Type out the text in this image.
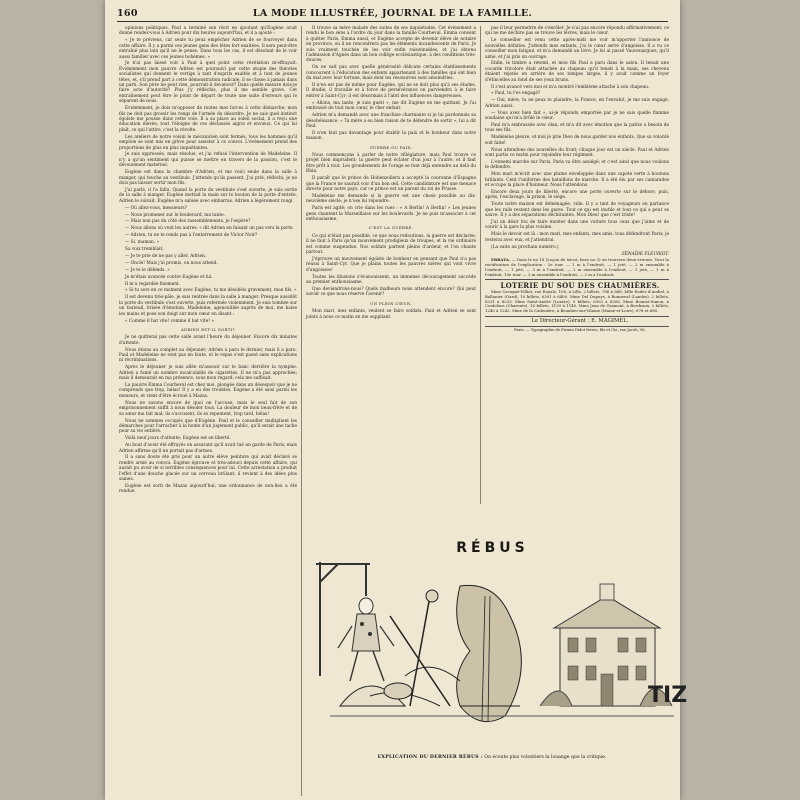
160	LA MODE ILLUSTRÉE, JOURNAL DE LA FAMILLE.

opinions politiques. Paul a terminé son récit en ajoutant qu'Eugène avait donné rendez-vous à Adrien pour dix heures aujourd'hui, et il a ajouté :

« Je te préviens, car seule tu peux empêcher Adrien de se fourvoyer dans cette affaire. Il y a parmi ces jeunes gens des têtes fort exaltées. Il sera peut-être entraîné plus loin qu'il ne le pense. Dans tous les cas, il est désolant de le voir aussi familier avec ces jeunes bohèmes. »

Je n'ai pas laissé voir à Paul à quel point cette révélation m'effrayait. Évidemment mon pauvre Adrien est poursuivi par cette utopie des théories socialistes qui donnent le vertige à tant d'esprits exaltés et à tant de jeunes têtes, et, s'il prend part à cette démonstration radicale, il se classe à jamais dans un parti. Son père ne peut rien, pourrait-il devancer? Dans quelle mesure dois-je faire acte d'autorité? Plus j'y réfléchis, plus il me semble grave. Cet entraînement peut être le point de départ de toute une suite d'erreurs qui le séparent de nous.

Évidemment, je dois m'opposer de toutes mes forces à cette démarche; mon fils ne doit pas grossir les rangs de l'armée du désordre. Je ne sais quel instinct égoïste me pousse dans cette voie. Il a sa place au soleil social, il a reçu une éducation élevée, tout l'éloigne de ces déclassés aigris et envieux. Ce qui lui plaît, ce qui l'attire, c'est la révolte.

Les ateliers de notre voisin le mécanicien sont fermés, tous les hommes qu'il emploie se sont mis en grève pour assister à ce convoi. L'événement prend des proportions de plus en plus inquiétantes.

Je suis oppressée, mais résolue, et j'ai refusé l'intervention de Madeleine. Il n'y a qu'un sentiment qui puisse se mettre en travers de la passion, c'est le dévouement maternel.

Eugène est dans la chambre d'Adrien, et me voici seule dans la salle à manger, qui touche au vestibule. J'attends qu'ils passent. J'ai prié, réfléchi; je ne dois pas laisser sortir mon fils.

J'ai parlé, il l'a fallu. Quand la porte du vestibule s'est ouverte, je suis sortie de la salle à manger. Eugène mettait la main sur le bouton de la porte d'entrée. Adrien le suivait. Eugène m'a saluée avec embarras. Adrien a légèrement rougi.

— Où allez-vous, messieurs?

— Nous promener sur le boulevard, ma tante.

— Mais non pas du côté des rassemblements, je l'espère?

— Nous allons où vont les autres. « dit Adrien en faisant un pas vers la porte.

— Adrien, tu ne te rends pas à l'enterrement de Victor Noir?

— Si, maman. »

Sa voix tremblait.

— Je te prie de ne pas y aller, Adrien.

— Oncle! Mais j'ai promis, on nous attend.

— Je te le défends. »

Je m'étais avancée contre Eugène et lui.

Il m'a regardée fixement.

« Si tu sors en ce moment avec Eugène, tu me désobéis gravement, mon fils. »

Il est devenu très-pâle, je suis rentrée dans la salle à manger. Presque aussitôt la porte du vestibule s'est ouverte, puis refermée violemment. Je suis tombée sur un fauteuil, brisée d'émotion. Madeleine, agenouillée auprès de moi, me baise les mains et pose son doigt sur mon cœur en disant :

« Comme il bat vite! comme il bat vite! »

ADRIEN EST-IL SORTI?

Je ne quitterai pas cette salle avant l'heure du déjeuner. Encore dix minutes d'attente.

Nous étions au complet au déjeuner; Adrien a paru le dernier, mais il a paru. Paul et Madeleine ne sont pas en faute, et le repas s'est passé sans explications ni récriminations.

Après le déjeuner je suis allée m'asseoir sur le banc derrière la nymphe. Adrien a fumé un nombre incalculable de cigarettes. Il ne m'a pas approchée; mais il demeurait en ma présence, sous mon regard; cela me suffisait.

La pauvre Emma Courbeval est chez moi, plongée dans un désespoir que je ne comprends que trop, hélas! Il y a eu des troubles. Eugène a été saisi parmi les meneurs, et vient d'être écroué à Mazas.

Nous ne savons encore de quoi on l'accuse, mais le seul fait de son emprisonnement suffit à nous désoler tous. La douleur de mon beau-frère et de sa sœur me fait mal; ils s'accusent, ils se repentent, trop tard, hélas!

Nous ne sommes occupés que d'Eugène. Paul et le conseiller multiplient les démarches pour l'arracher à la honte d'un jugement public, qu'il serait une tache pour sa vie entière.

Voilà neuf jours d'attente; Eugène est en liberté.

Au bout d'avoir été effrayés en assurant qu'il avait tué un garde de Paris, mais Adrien affirme qu'il ne portait pas d'armes.

Il a sans doute été pris pour un autre élève peinture qui avait déclaré se rendre armé au convoi. Eugène éprouve et très-adouci depuis cette affaire, qui aurait pu avoir de si terribles conséquences pour lui. Cette arrestation a produit l'effet d'une douche glacée sur un cerveau brûlant; il revient à des idées plus saines.

Eugène est sorti de Mazas aujourd'hui; une ordonnance de non-lieu a été rendue.

Il trouve sa mère malade des suites de ses inquiétudes. Cet événement a rendu le bon sens à l'ordre du jour dans la famille Courbeval. Emma consent à quitter Paris. Emma aussi, et Eugène accepte de devenir élève de notaire en province, où il ne rencontrera pas les éléments incandescents de Paris. Je suis vraiment touchée de les voir enfin raisonnables, et j'ai obtenu l'admission d'Agnès dans un bon collège ecclésiastique, à des conditions très-douces.

On ne sait pas avec quelle générosité délicate certains établissements concourent à l'éducation des enfants appartenant à des familles qui ont bien du mal avec leur fortune, mais dont les ressources sont amoindries.

Il n'en est pas de même pour Eugène, qui ne se doit plus qu'à ses études. Il étudie, il travaille et à force de persévérance on parviendra à le faire entrer à Saint-Cyr; il est désormais à l'abri des influences dangereuses.

« Allons, ma tante, je suis guéri », me dit Eugène en me quittant. Je l'ai embrassé de tout mon cœur, le cher enfant.

Adrien m'a demandé avec une franchise charmante si je lui pardonnais sa désobéissance. « Ta mère a eu bien raison de te défendre de sortir », lui a dit Paul.

Il n'en faut pas davantage pour établir la paix et le bonheur dans notre maison.

GUERRE OU PAIX.

Nous commençons à parler de notre villégiature, mais Paul trouve ce projet bien imprudent; la guerre peut éclater d'un jour à l'autre, et il faut être prêt à tout. Les grondements de l'orage se font déjà entendre au delà du Rhin.

Il paraît que le prince de Hohenzollern a accepté la couronne d'Espagne que la France ne saurait voir d'un bon œil. Cette candidature est une menace directe pour notre pays, car ce prince est un parent du roi de Prusse.

Madeleine me demande si la guerre est une chose possible au dix-neuvième siècle; je n'ose lui répondre.

Paris est agité; on crie dans les rues : « A Berlin! A Berlin! » Les jeunes gens chantent la Marseillaise sur les boulevards. Je ne puis m'associer à cet enthousiasme.

C'EST LA GUERRE.

Ce qui n'était pas possible, ce que nous redoutions, la guerre est déclarée; il ne faut à Paris qu'un mouvement prodigieux de troupes, et la vie ordinaire est comme suspendue. Nos soldats partent pleins d'ardeur, et l'on chante partout.

J'éprouve un mouvement égoïste de bonheur en pensant que Paul n'a pas réussi à Saint-Cyr. Que je plains toutes les pauvres mères qui vont vivre d'angoisses!

Toutes les illusions s'évanouissent, un immense découragement succède au premier enthousiasme.

Que deviendrons-nous? Quels malheurs nous attendent encore? Qui peut savoir ce que nous réserve l'avenir?

UN PLEIN CŒUR.

Mon mari, mes enfants, veulent se faire soldats. Paul et Adrien se sont joints à nous ce matin en me suppliant.

pas il leur permettre de s'enrôler. Je n'ai pas encore répondu affirmativement; ce qui ne me déchire pas se trouve les lèvres, mais le cœur.

Le conseiller est venu cette après-midi me voir m'apporter l'annonce de nouvelles défaites. J'attends mes enfants, j'ai le cœur serré d'angoisse. Il a vu ce conseiller mon fatigué, et m'a demandé un livre. Je lui ai passé Vauvenargues, qu'il aime, et j'ai pris un ouvrage.

Enfin, le timbre a retenti, et mon fils Paul a paru dans le salon. Il tenait une cocarde tricolore était attachée au chapeau qu'il tenait à la main, ses cheveux étaient rejetés en arrière de ses tempes larges, il y avait comme un foyer d'étincelles au fond de ses yeux bruns.

Il s'est avancé vers moi et m'a montré l'emblème attaché à son chapeau.

« Paul, tu t'es engagé?

— Oui, mère, tu ne peux te plaindre; la France, en l'envahit, je me suis engagé. Adrien aussi.

— Vous avez bien fait », ai-je répondu emportée par je ne sais quelle flamme soudaine qui m'a brûlé le cœur.

Paul m'a embrassée avec élan, et m'a dit avec émotion que la patrie a besoin de tous ses fils.

Madeleine pleure, et moi je prie Dieu de nous garder nos enfants. Que sa volonté soit faite!

Nous attendons des nouvelles du front; chaque jour est un siècle. Paul et Adrien sont partis ce matin pour rejoindre leur régiment.

L'ennemi marche sur Paris, Paris va être assiégé; et c'est ainsi que nous voulons le défendre.

Mon mari m'écrit avec une plume enveloppée dans une capote verte à boutons brillants. Cent l'uniforme des bataillons de marche. Il a été élu par ses camarades et occupe la place d'honneur. Nous l'attendons.

Encore deux jours de liberté, encore une porte ouverte sur le dehors; puis, après, l'esclavage, la prison, le siège.

Toute notre maison est déménagée, vide. Il y a tant de voyageurs en partance que les rails restent dans les gares. Tout ce qui est inutile et tout ce qui a peur se sauve. Il y a des séparations déchirantes. Mon Dieu! que c'est triste!

J'ai un désir fou de faire monter dans une voiture tous ceux que j'aime et de courir à la gare la plus voisine.

Mais le devoir est là : mon mari, mes enfants, mes amis, tous défendront Paris; je resterai avec eux, et j'attendrai.

(La suite au prochain numéro.)

ZÉNAÏDE FLEURIOT.

ERRATA. — Dans le no 18 (Leçon de tricot, lisez no 3) on trouvera deux erreurs. Voici la rectification de l'explication : 2e tour. — 1 m à l'endroit, — 1 jeté, — 2 m ensemble à l'endroit, — 1 jeté, — 3 m à l'endroit, — 2 m ensemble à l'endroit, — 1 jeté, — 1 m à l'endroit. 10e tour. — 3 m ensemble à l'endroit, — 2 m à l'endroit.

LOTERIE DU SOU DES CHAUMIÈRES.

Mme Cavagné-Villiot, rue Royale, 108, à Lille, 2 billets, 786 à 888. Mlle Eudes d'Audiel, à Ballanier (Gard), 10 billets, 6391 à 6400. Mme Del Dupuys, à Bonneval (Landes), 2 billets, 8231 à 8233. Mme Saint-André (Lozère), 5 billets, 6302 à 6306. Mme Bonnet-Simon, à Confolens (Charente), 10 billets, 1130 à 1140. Mme Jean de Gramont, à Bordeaux, 2 billets, 1240 à 1242. Mme de la Cadenière, à Beaulieu-sur-Vilaine (Maine-et-Loire), 678 et 680.

Le Directeur-Gérant : E. MAGIMEL.

Paris. — Typographie de Firmin Didot frères, fils et Cie, rue Jacob, 56.

RÉBUS
TIZ
EXPLICATION DU DERNIER RÉBUS : On écoute plus volontiers la louange que la critique.
